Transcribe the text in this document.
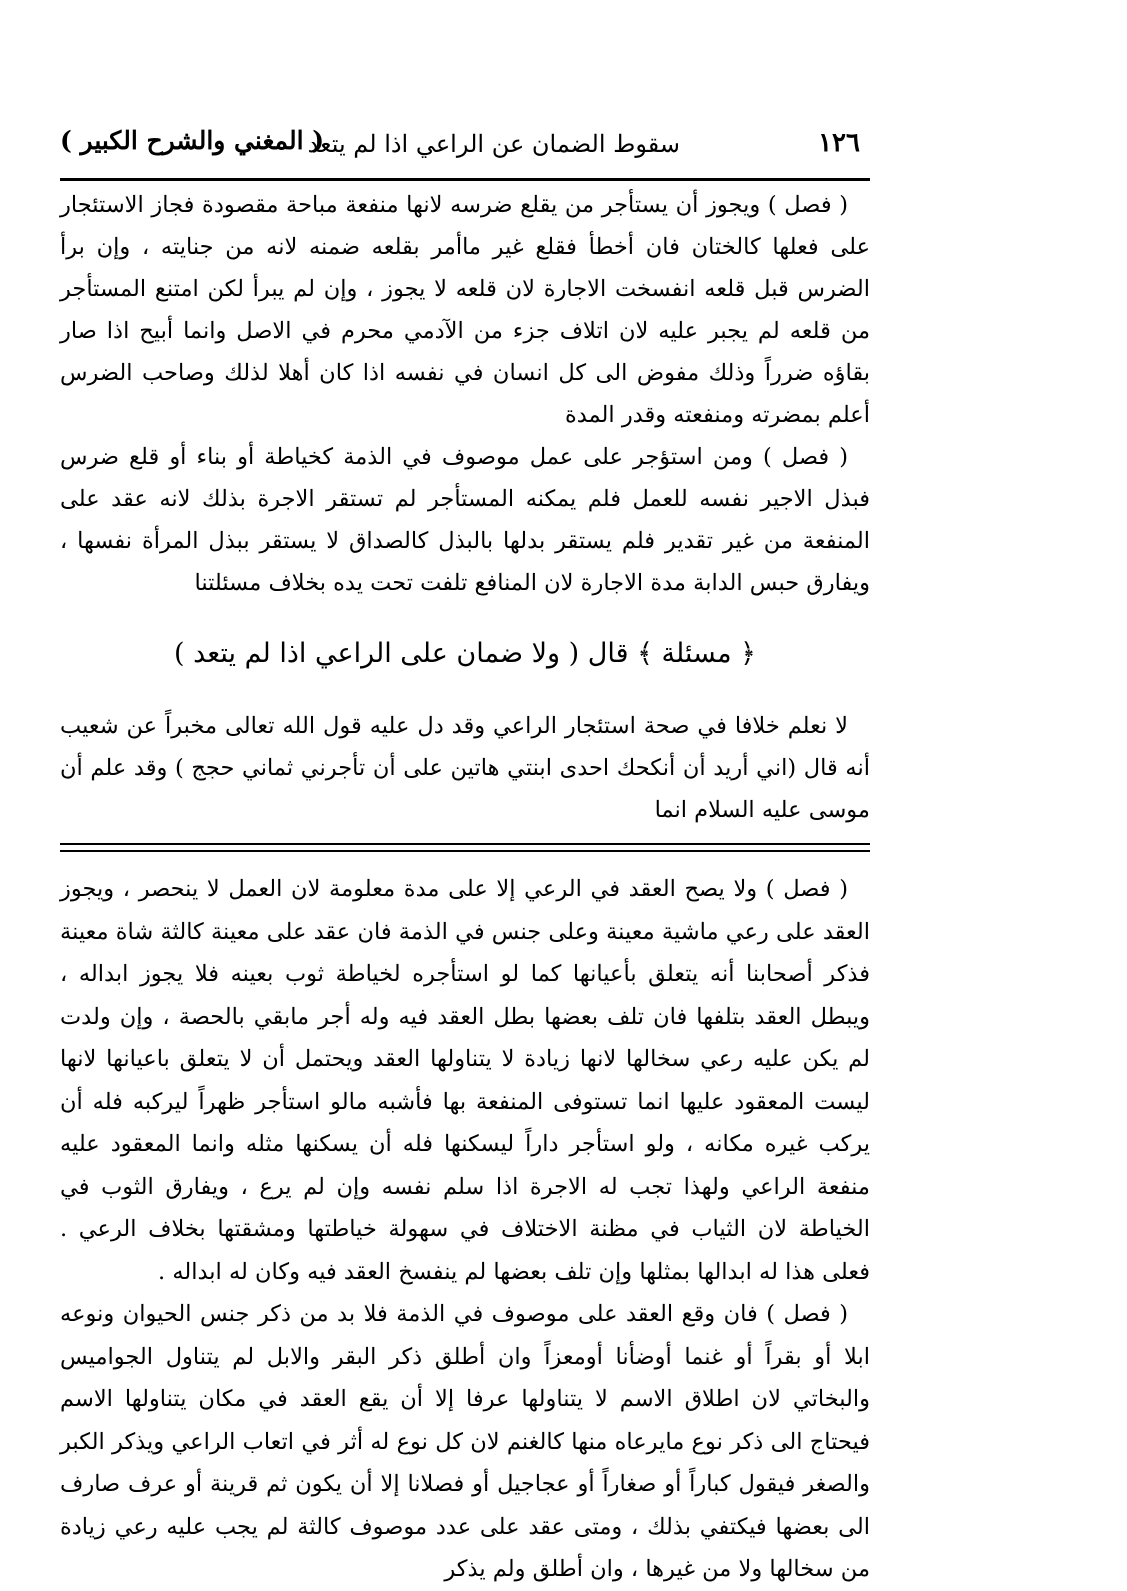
١٢٦
سقوط الضمان عن الراعي اذا لم يتعد
( المغني والشرح الكبير )

( فصل ) ويجوز أن يستأجر من يقلع ضرسه لانها منفعة مباحة مقصودة فجاز الاستئجار على فعلها كالختان فان أخطأ فقلع غير ماأمر بقلعه ضمنه لانه من جنايته ، وإن برأ الضرس قبل قلعه انفسخت الاجارة لان قلعه لا يجوز ، وإن لم يبرأ لكن امتنع المستأجر من قلعه لم يجبر عليه لان اتلاف جزء من الآدمي محرم في الاصل وانما أبيح اذا صار بقاؤه ضرراً وذلك مفوض الى كل انسان في نفسه اذا كان أهلا لذلك وصاحب الضرس أعلم بمضرته ومنفعته وقدر المدة

( فصل ) ومن استؤجر على عمل موصوف في الذمة كخياطة أو بناء أو قلع ضرس فبذل الاجير نفسه للعمل فلم يمكنه المستأجر لم تستقر الاجرة بذلك لانه عقد على المنفعة من غير تقدير فلم يستقر بدلها بالبذل كالصداق لا يستقر ببذل المرأة نفسها ، ويفارق حبس الدابة مدة الاجارة لان المنافع تلفت تحت يده بخلاف مسئلتنا

﴿ مسئلة ﴾ قال ( ولا ضمان على الراعي اذا لم يتعد )
لا نعلم خلافا في صحة استئجار الراعي وقد دل عليه قول الله تعالى مخبراً عن شعيب أنه قال (اني أريد أن أنكحك احدى ابنتي هاتين على أن تأجرني ثماني حجج ) وقد علم أن موسى عليه السلام انما

( فصل ) ولا يصح العقد في الرعي إلا على مدة معلومة لان العمل لا ينحصر ، ويجوز العقد على رعي ماشية معينة وعلى جنس في الذمة فان عقد على معينة كالثة شاة معينة فذكر أصحابنا أنه يتعلق بأعيانها كما لو استأجره لخياطة ثوب بعينه فلا يجوز ابداله ، ويبطل العقد بتلفها فان تلف بعضها بطل العقد فيه وله أجر مابقي بالحصة ، وإن ولدت لم يكن عليه رعي سخالها لانها زيادة لا يتناولها العقد ويحتمل أن لا يتعلق باعيانها لانها ليست المعقود عليها انما تستوفى المنفعة بها فأشبه مالو استأجر ظهراً ليركبه فله أن يركب غيره مكانه ، ولو استأجر داراً ليسكنها فله أن يسكنها مثله وانما المعقود عليه منفعة الراعي ولهذا تجب له الاجرة اذا سلم نفسه وإن لم يرع ، ويفارق الثوب في الخياطة لان الثياب في مظنة الاختلاف في سهولة خياطتها ومشقتها بخلاف الرعي . فعلى هذا له ابدالها بمثلها وإن تلف بعضها لم ينفسخ العقد فيه وكان له ابداله .

( فصل ) فان وقع العقد على موصوف في الذمة فلا بد من ذكر جنس الحيوان ونوعه ابلا أو بقراً أو غنما أوضأنا أومعزاً وان أطلق ذكر البقر والابل لم يتناول الجواميس والبخاتي لان اطلاق الاسم لا يتناولها عرفا إلا أن يقع العقد في مكان يتناولها الاسم فيحتاج الى ذكر نوع مايرعاه منها كالغنم لان كل نوع له أثر في اتعاب الراعي ويذكر الكبر والصغر فيقول كباراً أو صغاراً أو عجاجيل أو فصلانا إلا أن يكون ثم قرينة أو عرف صارف الى بعضها فيكتفي بذلك ، ومتى عقد على عدد موصوف كالثة لم يجب عليه رعي زيادة من سخالها ولا من غيرها ، وان أطلق ولم يذكر
